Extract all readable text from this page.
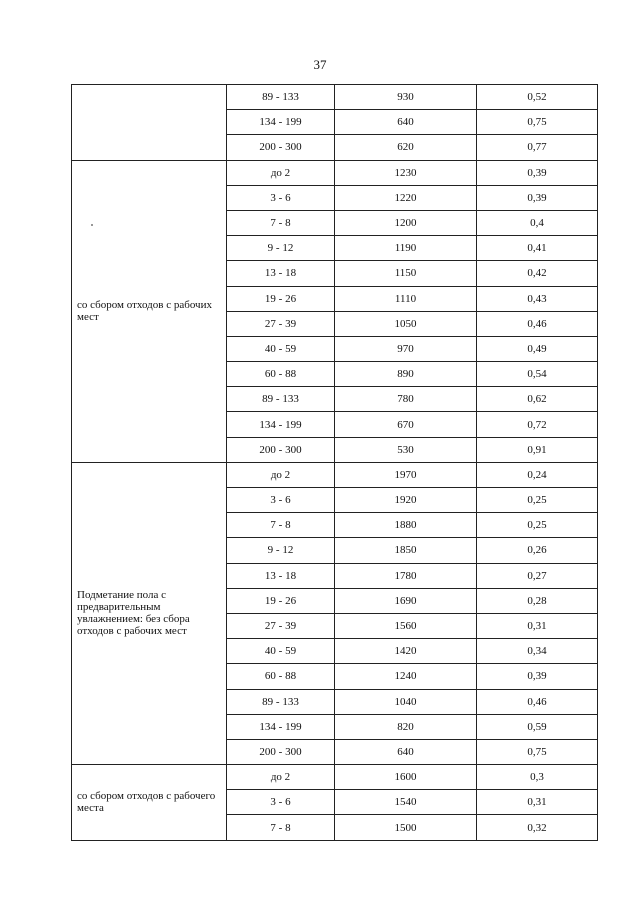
37
	89 - 133	930	0,52
	134 - 199	640	0,75
	200 - 300	620	0,77
со сбором отходов с рабочих мест	до 2	1230	0,39
	3 - 6	1220	0,39
	7 - 8	1200	0,4
	9 - 12	1190	0,41
	13 - 18	1150	0,42
	19 - 26	1110	0,43
	27 - 39	1050	0,46
	40 - 59	970	0,49
	60 - 88	890	0,54
	89 - 133	780	0,62
	134 - 199	670	0,72
	200 - 300	530	0,91
Подметание пола с предварительным увлажнением: без сбора отходов с рабочих мест	до 2	1970	0,24
	3 - 6	1920	0,25
	7 - 8	1880	0,25
	9 - 12	1850	0,26
	13 - 18	1780	0,27
	19 - 26	1690	0,28
	27 - 39	1560	0,31
	40 - 59	1420	0,34
	60 - 88	1240	0,39
	89 - 133	1040	0,46
	134 - 199	820	0,59
	200 - 300	640	0,75
со сбором отходов с рабочего места	до 2	1600	0,3
	3 - 6	1540	0,31
	7 - 8	1500	0,32
